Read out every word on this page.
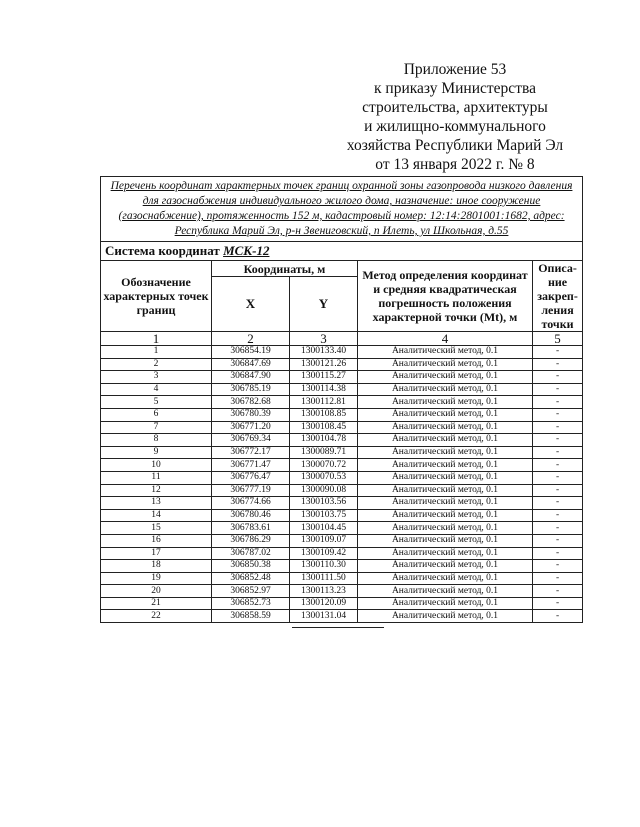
Приложение 53
к приказу Министерства
строительства, архитектуры
и жилищно-коммунального
хозяйства Республики Марий Эл
от 13 января 2022 г. № 8
Перечень координат характерных точек границ охранной зоны газопровода низкого давления для газоснабжения индивидуального жилого дома, назначение: иное сооружение (газоснабжение), протяженность 152 м, кадастровый номер: 12:14:2801001:1682, адрес: Республика Марий Эл, р-н Звениговский, п Илеть, ул Школьная, д.55				
Система координат МСК-12				
Обозначение характерных точек границ	Координаты, м		Метод определения координат и средняя квадратическая погрешность положения характерной точки (Mt), м	Описа-ние закреп-ления точки
	X	Y		
1	2	3	4	5
1	306854.19	1300133.40	Аналитический метод, 0.1	-
2	306847.69	1300121.26	Аналитический метод, 0.1	-
3	306847.90	1300115.27	Аналитический метод, 0.1	-
4	306785.19	1300114.38	Аналитический метод, 0.1	-
5	306782.68	1300112.81	Аналитический метод, 0.1	-
6	306780.39	1300108.85	Аналитический метод, 0.1	-
7	306771.20	1300108.45	Аналитический метод, 0.1	-
8	306769.34	1300104.78	Аналитический метод, 0.1	-
9	306772.17	1300089.71	Аналитический метод, 0.1	-
10	306771.47	1300070.72	Аналитический метод, 0.1	-
11	306776.47	1300070.53	Аналитический метод, 0.1	-
12	306777.19	1300090.08	Аналитический метод, 0.1	-
13	306774.66	1300103.56	Аналитический метод, 0.1	-
14	306780.46	1300103.75	Аналитический метод, 0.1	-
15	306783.61	1300104.45	Аналитический метод, 0.1	-
16	306786.29	1300109.07	Аналитический метод, 0.1	-
17	306787.02	1300109.42	Аналитический метод, 0.1	-
18	306850.38	1300110.30	Аналитический метод, 0.1	-
19	306852.48	1300111.50	Аналитический метод, 0.1	-
20	306852.97	1300113.23	Аналитический метод, 0.1	-
21	306852.73	1300120.09	Аналитический метод, 0.1	-
22	306858.59	1300131.04	Аналитический метод, 0.1	-
